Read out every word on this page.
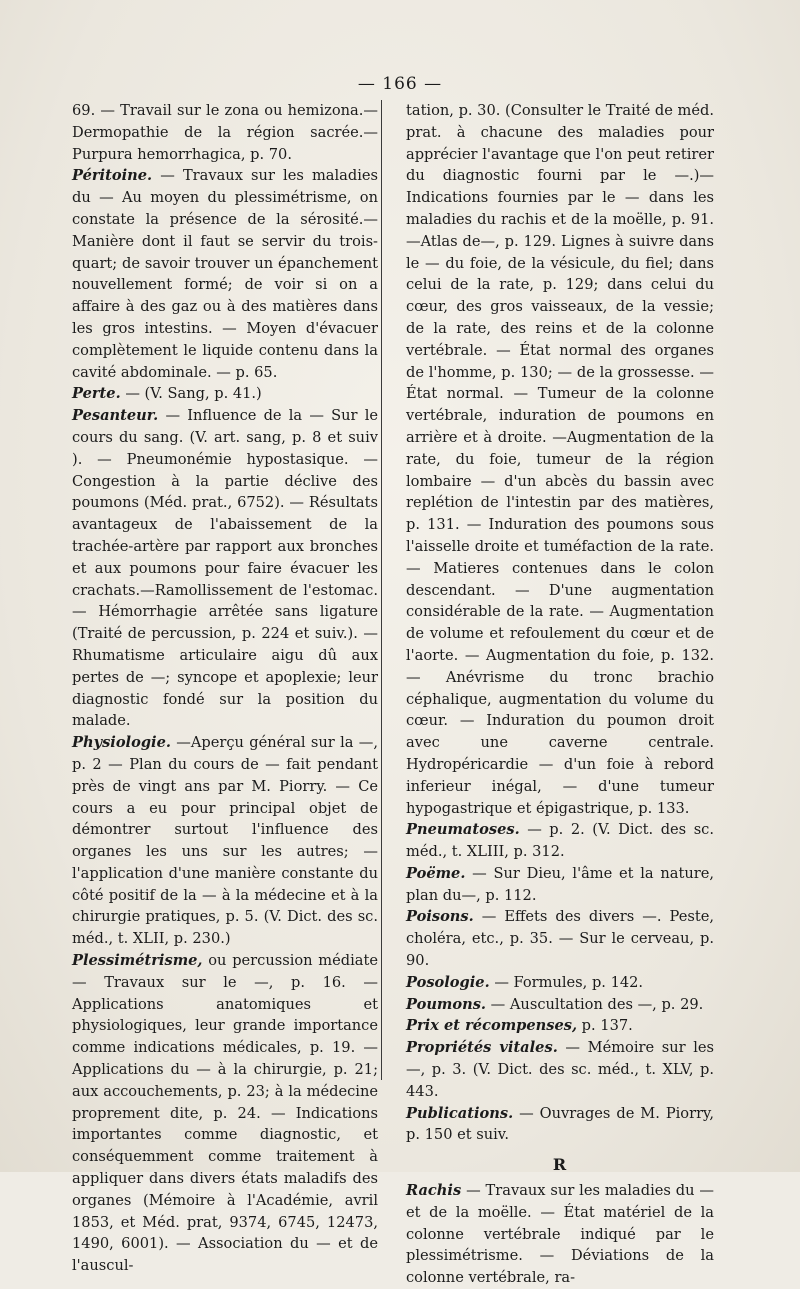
— 166 —

69. — Travail sur le zona ou hemizona.— Dermopathie de la région sacrée.—Purpura hemorrhagica, p. 70.

Péritoine. — Travaux sur les maladies du — Au moyen du plessimétrisme, on constate la présence de la sérosité.—Manière dont il faut se servir du trois-quart; de savoir trouver un épanchement nouvellement formé; de voir si on a affaire à des gaz ou à des matières dans les gros intestins. — Moyen d'évacuer complètement le liquide contenu dans la cavité abdominale. — p. 65.

Perte. — (V. Sang, p. 41.)

Pesanteur. — Influence de la — Sur le cours du sang. (V. art. sang, p. 8 et suiv ). — Pneumonémie hypostasique. — Congestion à la partie déclive des poumons (Méd. prat., 6752). — Résultats avantageux de l'abaissement de la trachée-artère par rapport aux bronches et aux poumons pour faire évacuer les crachats.—Ramollissement de l'estomac. — Hémorrhagie arrêtée sans ligature (Traité de percussion, p. 224 et suiv.). — Rhumatisme articulaire aigu dû aux pertes de —; syncope et apoplexie; leur diagnostic fondé sur la position du malade.

Physiologie. —Aperçu général sur la —, p. 2 — Plan du cours de — fait pendant près de vingt ans par M. Piorry. — Ce cours a eu pour principal objet de démontrer surtout l'influence des organes les uns sur les autres; — l'application d'une manière constante du côté positif de la — à la médecine et à la chirurgie pratiques, p. 5. (V. Dict. des sc. méd., t. XLII, p. 230.)

Plessimétrisme, ou percussion médiate — Travaux sur le —, p. 16. — Applications anatomiques et physiologiques, leur grande importance comme indications médicales, p. 19. — Applications du — à la chirurgie, p. 21; aux accouchements, p. 23; à la médecine proprement dite, p. 24. — Indications importantes comme diagnostic, et conséquemment comme traitement à appliquer dans divers états maladifs des organes (Mémoire à l'Académie, avril 1853, et Méd. prat, 9374, 6745, 12473, 1490, 6001). — Association du — et de l'auscul-

tation, p. 30. (Consulter le Traité de méd. prat. à chacune des maladies pour apprécier l'avantage que l'on peut retirer du diagnostic fourni par le —.)—Indications fournies par le — dans les maladies du rachis et de la moëlle, p. 91. —Atlas de—, p. 129. Lignes à suivre dans le — du foie, de la vésicule, du fiel; dans celui de la rate, p. 129; dans celui du cœur, des gros vaisseaux, de la vessie; de la rate, des reins et de la colonne vertébrale. — État normal des organes de l'homme, p. 130; — de la grossesse. — État normal. — Tumeur de la colonne vertébrale, induration de poumons en arrière et à droite. —Augmentation de la rate, du foie, tumeur de la région lombaire — d'un abcès du bassin avec replétion de l'intestin par des matières, p. 131. — Induration des poumons sous l'aisselle droite et tuméfaction de la rate.— Matieres contenues dans le colon descendant. — D'une augmentation considérable de la rate. — Augmentation de volume et refoulement du cœur et de l'aorte. — Augmentation du foie, p. 132. — Anévrisme du tronc brachio céphalique, augmentation du volume du cœur. — Induration du poumon droit avec une caverne centrale. Hydropéricardie — d'un foie à rebord inferieur inégal, — d'une tumeur hypogastrique et épigastrique, p. 133.

Pneumatoses. — p. 2. (V. Dict. des sc. méd., t. XLIII, p. 312.

Poëme. — Sur Dieu, l'âme et la nature, plan du—, p. 112.

Poisons. — Effets des divers —. Peste, choléra, etc., p. 35. — Sur le cerveau, p. 90.

Posologie. — Formules, p. 142.

Poumons. — Auscultation des —, p. 29.

Prix et récompenses, p. 137.

Propriétés vitales. — Mémoire sur les —, p. 3. (V. Dict. des sc. méd., t. XLV, p. 443.

Publications. — Ouvrages de M. Piorry, p. 150 et suiv.

R

Rachis — Travaux sur les maladies du — et de la moëlle. — État matériel de la colonne vertébrale indiqué par le plessimétrisme. — Déviations de la colonne vertébrale, ra-
